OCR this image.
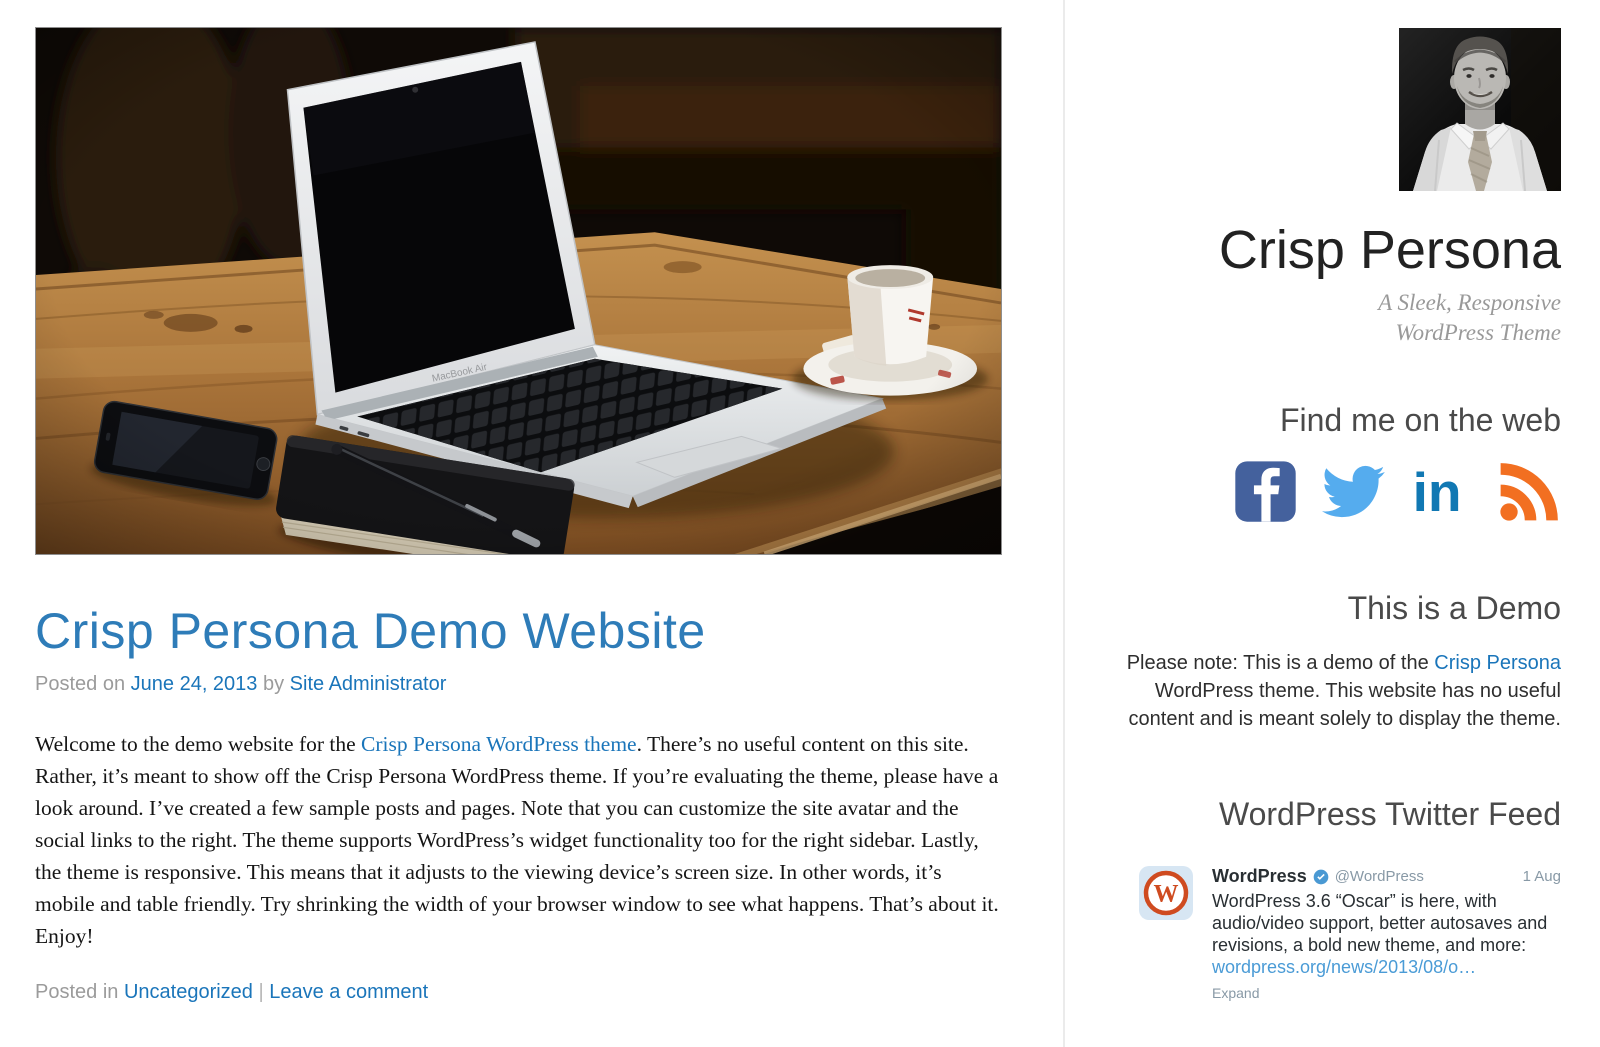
Crisp Persona Demo Website

Posted on June 24, 2013 by Site Administrator

Welcome to the demo website for the Crisp Persona WordPress theme. There’s no useful content on this site. Rather, it’s meant to show off the Crisp Persona WordPress theme. If you’re evaluating the theme, please have a look around. I’ve created a few sample posts and pages. Note that you can customize the site avatar and the social links to the right. The theme supports WordPress’s widget functionality too for the right sidebar. Lastly, the theme is responsive. This means that it adjusts to the viewing device’s screen size. In other words, it’s mobile and table friendly. Try shrinking the width of your browser window to see what happens. That’s about it. Enjoy!

Posted in Uncategorized | Leave a comment

Crisp Persona

A Sleek, Responsive
WordPress Theme

Find me on the web
in
This is a Demo

Please note: This is a demo of the Crisp Persona WordPress theme. This website has no useful content and is meant solely to display the theme.

WordPress Twitter Feed
W
WordPress @WordPress	1 Aug
WordPress 3.6 “Oscar” is here, with audio/video support, better autosaves and revisions, a bold new theme, and more: wordpress.org/news/2013/08/o…
Expand
